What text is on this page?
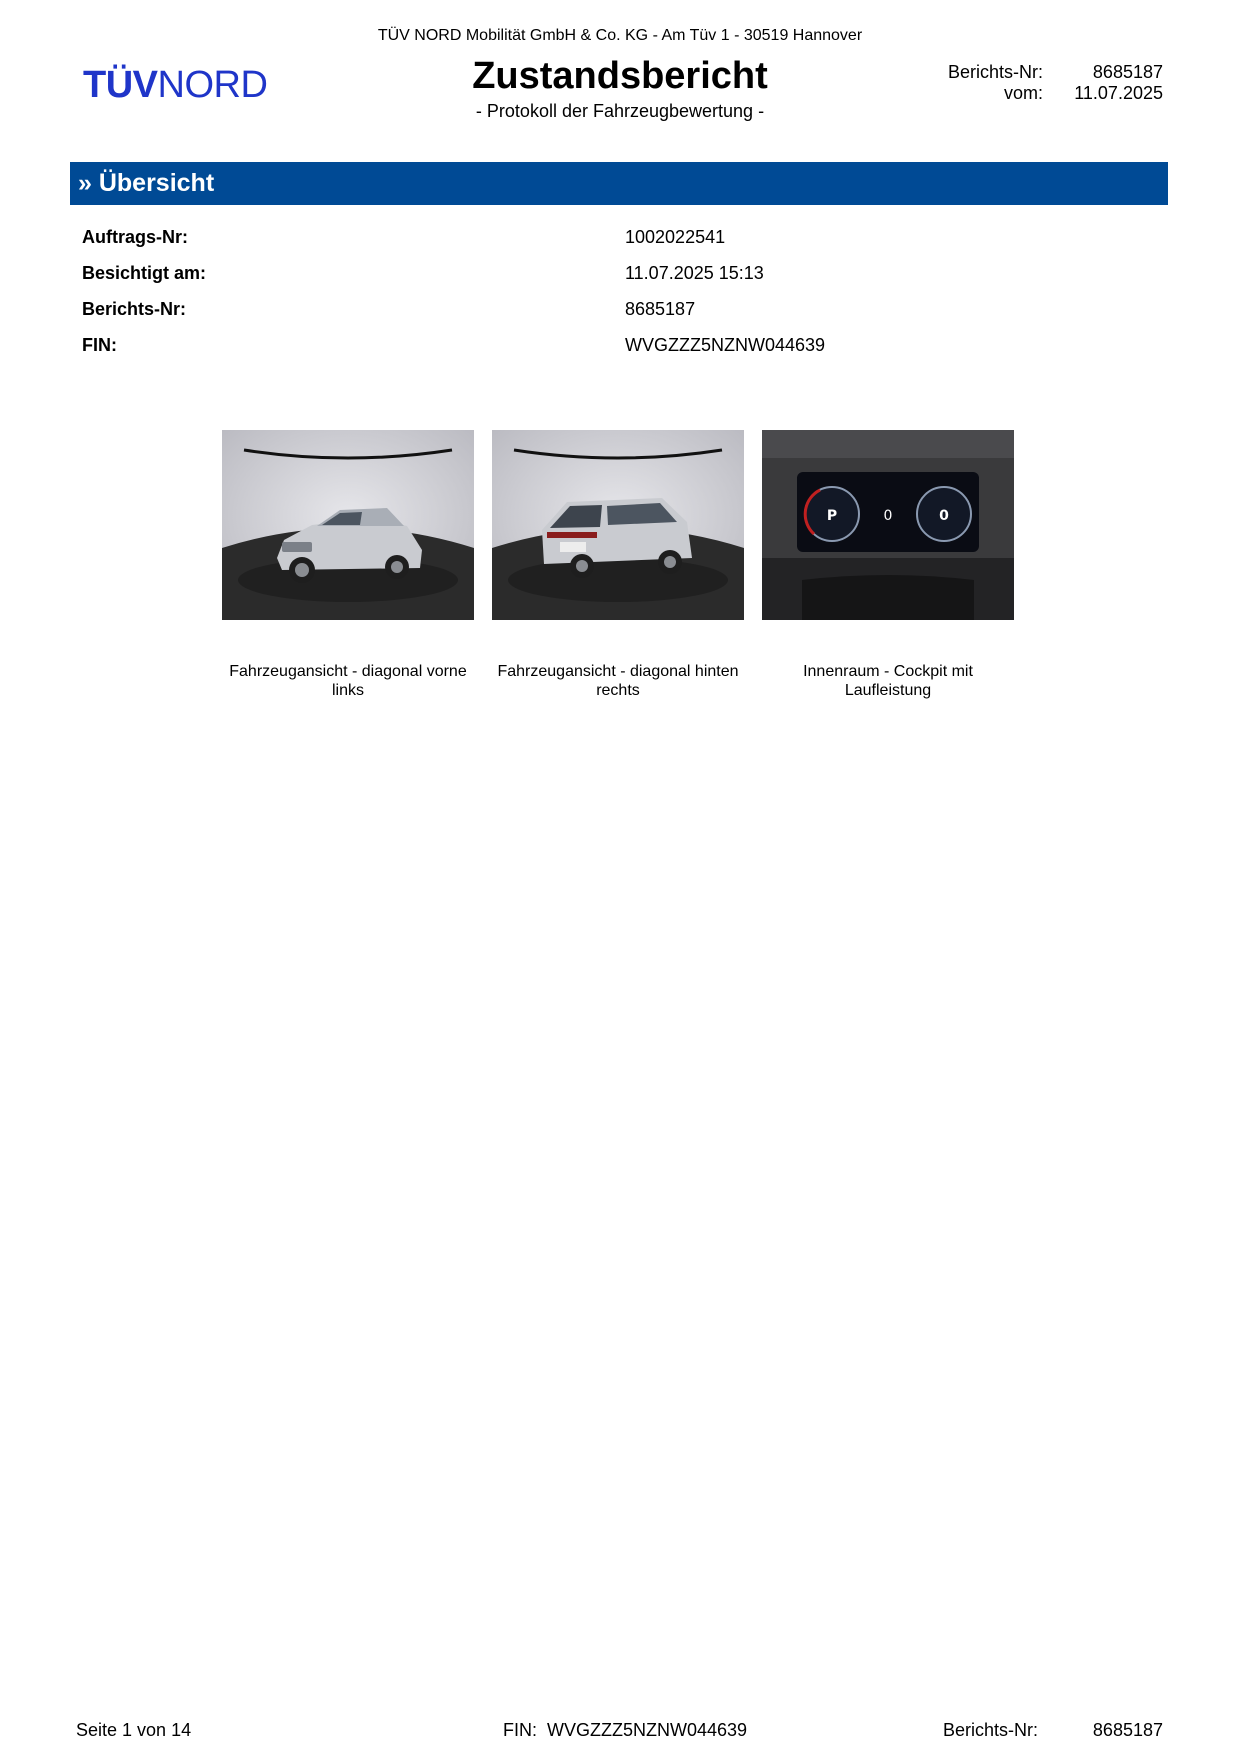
TÜV NORD Mobilität GmbH & Co. KG - Am Tüv 1 - 30519 Hannover
TÜVNORD	Zustandsbericht
- Protokoll der Fahrzeugbewertung -
Berichts-Nr:	8685187
vom:	11.07.2025
» Übersicht
Auftrags-Nr:	1002022541
Besichtigt am:	11.07.2025 15:13
Berichts-Nr:	8685187
FIN:	WVGZZZ5NZNW044639
P	0
0
Fahrzeugansicht - diagonal vorne links
Fahrzeugansicht - diagonal hinten rechts
Innenraum - Cockpit mit Laufleistung
Seite 1 von 14	FIN: WVGZZZ5NZNW044639	Berichts-Nr:	8685187
